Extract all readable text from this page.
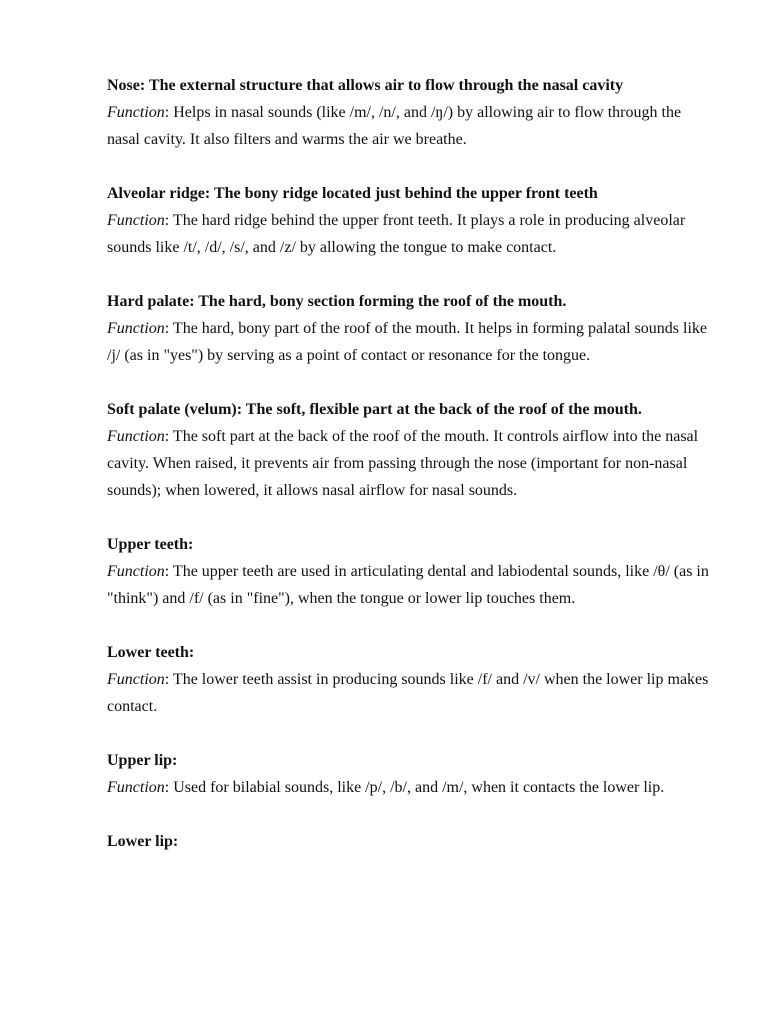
Nose: The external structure that allows air to flow through the nasal cavity
Function: Helps in nasal sounds (like /m/, /n/, and /ŋ/) by allowing air to flow through the nasal cavity. It also filters and warms the air we breathe.
Alveolar ridge: The bony ridge located just behind the upper front teeth
Function: The hard ridge behind the upper front teeth. It plays a role in producing alveolar sounds like /t/, /d/, /s/, and /z/ by allowing the tongue to make contact.
Hard palate: The hard, bony section forming the roof of the mouth.
Function: The hard, bony part of the roof of the mouth. It helps in forming palatal sounds like /j/ (as in "yes") by serving as a point of contact or resonance for the tongue.
Soft palate (velum): The soft, flexible part at the back of the roof of the mouth.
Function: The soft part at the back of the roof of the mouth. It controls airflow into the nasal cavity. When raised, it prevents air from passing through the nose (important for non-nasal sounds); when lowered, it allows nasal airflow for nasal sounds.
Upper teeth:
Function: The upper teeth are used in articulating dental and labiodental sounds, like /θ/ (as in "think") and /f/ (as in "fine"), when the tongue or lower lip touches them.
Lower teeth:
Function: The lower teeth assist in producing sounds like /f/ and /v/ when the lower lip makes contact.
Upper lip:
Function: Used for bilabial sounds, like /p/, /b/, and /m/, when it contacts the lower lip.
Lower lip:
